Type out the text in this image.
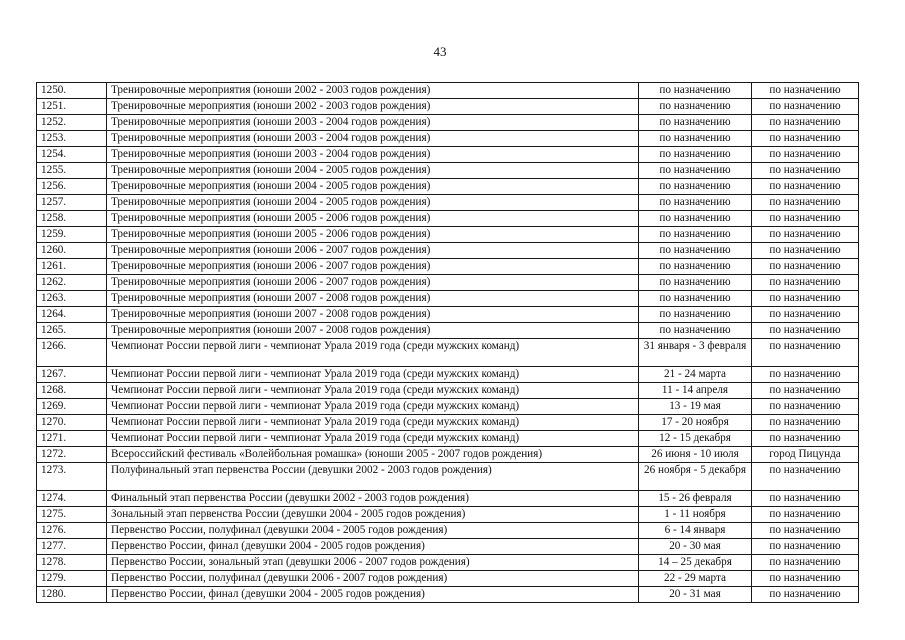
43
1250.	Тренировочные мероприятия (юноши 2002 - 2003 годов рождения)	по назначению	по назначению
1251.	Тренировочные мероприятия (юноши 2002 - 2003 годов рождения)	по назначению	по назначению
1252.	Тренировочные мероприятия (юноши 2003 - 2004 годов рождения)	по назначению	по назначению
1253.	Тренировочные мероприятия (юноши 2003 - 2004 годов рождения)	по назначению	по назначению
1254.	Тренировочные мероприятия (юноши 2003 - 2004 годов рождения)	по назначению	по назначению
1255.	Тренировочные мероприятия (юноши 2004 - 2005 годов рождения)	по назначению	по назначению
1256.	Тренировочные мероприятия (юноши 2004 - 2005 годов рождения)	по назначению	по назначению
1257.	Тренировочные мероприятия (юноши 2004 - 2005 годов рождения)	по назначению	по назначению
1258.	Тренировочные мероприятия (юноши 2005 - 2006 годов рождения)	по назначению	по назначению
1259.	Тренировочные мероприятия (юноши 2005 - 2006 годов рождения)	по назначению	по назначению
1260.	Тренировочные мероприятия (юноши 2006 - 2007 годов рождения)	по назначению	по назначению
1261.	Тренировочные мероприятия (юноши 2006 - 2007 годов рождения)	по назначению	по назначению
1262.	Тренировочные мероприятия (юноши 2006 - 2007 годов рождения)	по назначению	по назначению
1263.	Тренировочные мероприятия (юноши 2007 - 2008 годов рождения)	по назначению	по назначению
1264.	Тренировочные мероприятия (юноши 2007 - 2008 годов рождения)	по назначению	по назначению
1265.	Тренировочные мероприятия (юноши 2007 - 2008 годов рождения)	по назначению	по назначению
1266.	Чемпионат России первой лиги - чемпионат Урала 2019 года (среди мужских команд)	31 января - 3 февраля	по назначению
1267.	Чемпионат России первой лиги - чемпионат Урала 2019 года (среди мужских команд)	21 - 24 марта	по назначению
1268.	Чемпионат России первой лиги - чемпионат Урала 2019 года (среди мужских команд)	11 - 14 апреля	по назначению
1269.	Чемпионат России первой лиги - чемпионат Урала 2019 года (среди мужских команд)	13 - 19 мая	по назначению
1270.	Чемпионат России первой лиги - чемпионат Урала 2019 года (среди мужских команд)	17 - 20 ноября	по назначению
1271.	Чемпионат России первой лиги - чемпионат Урала 2019 года (среди мужских команд)	12 - 15 декабря	по назначению
1272.	Всероссийский фестиваль «Волейбольная ромашка» (юноши 2005 - 2007 годов рождения)	26 июня - 10 июля	город Пицунда
1273.	Полуфинальный этап первенства России (девушки 2002 - 2003 годов рождения)	26 ноября - 5 декабря	по назначению
1274.	Финальный этап первенства России (девушки 2002 - 2003 годов рождения)	15 - 26 февраля	по назначению
1275.	Зональный этап первенства России (девушки 2004 - 2005 годов рождения)	1 - 11 ноября	по назначению
1276.	Первенство России, полуфинал (девушки 2004 - 2005 годов рождения)	6 - 14 января	по назначению
1277.	Первенство России, финал (девушки 2004 - 2005 годов рождения)	20 - 30 мая	по назначению
1278.	Первенство России, зональный этап (девушки 2006 - 2007 годов рождения)	14 – 25 декабря	по назначению
1279.	Первенство России, полуфинал (девушки 2006 - 2007 годов рождения)	22 - 29 марта	по назначению
1280.	Первенство России, финал (девушки 2004 - 2005 годов рождения)	20 - 31 мая	по назначению
